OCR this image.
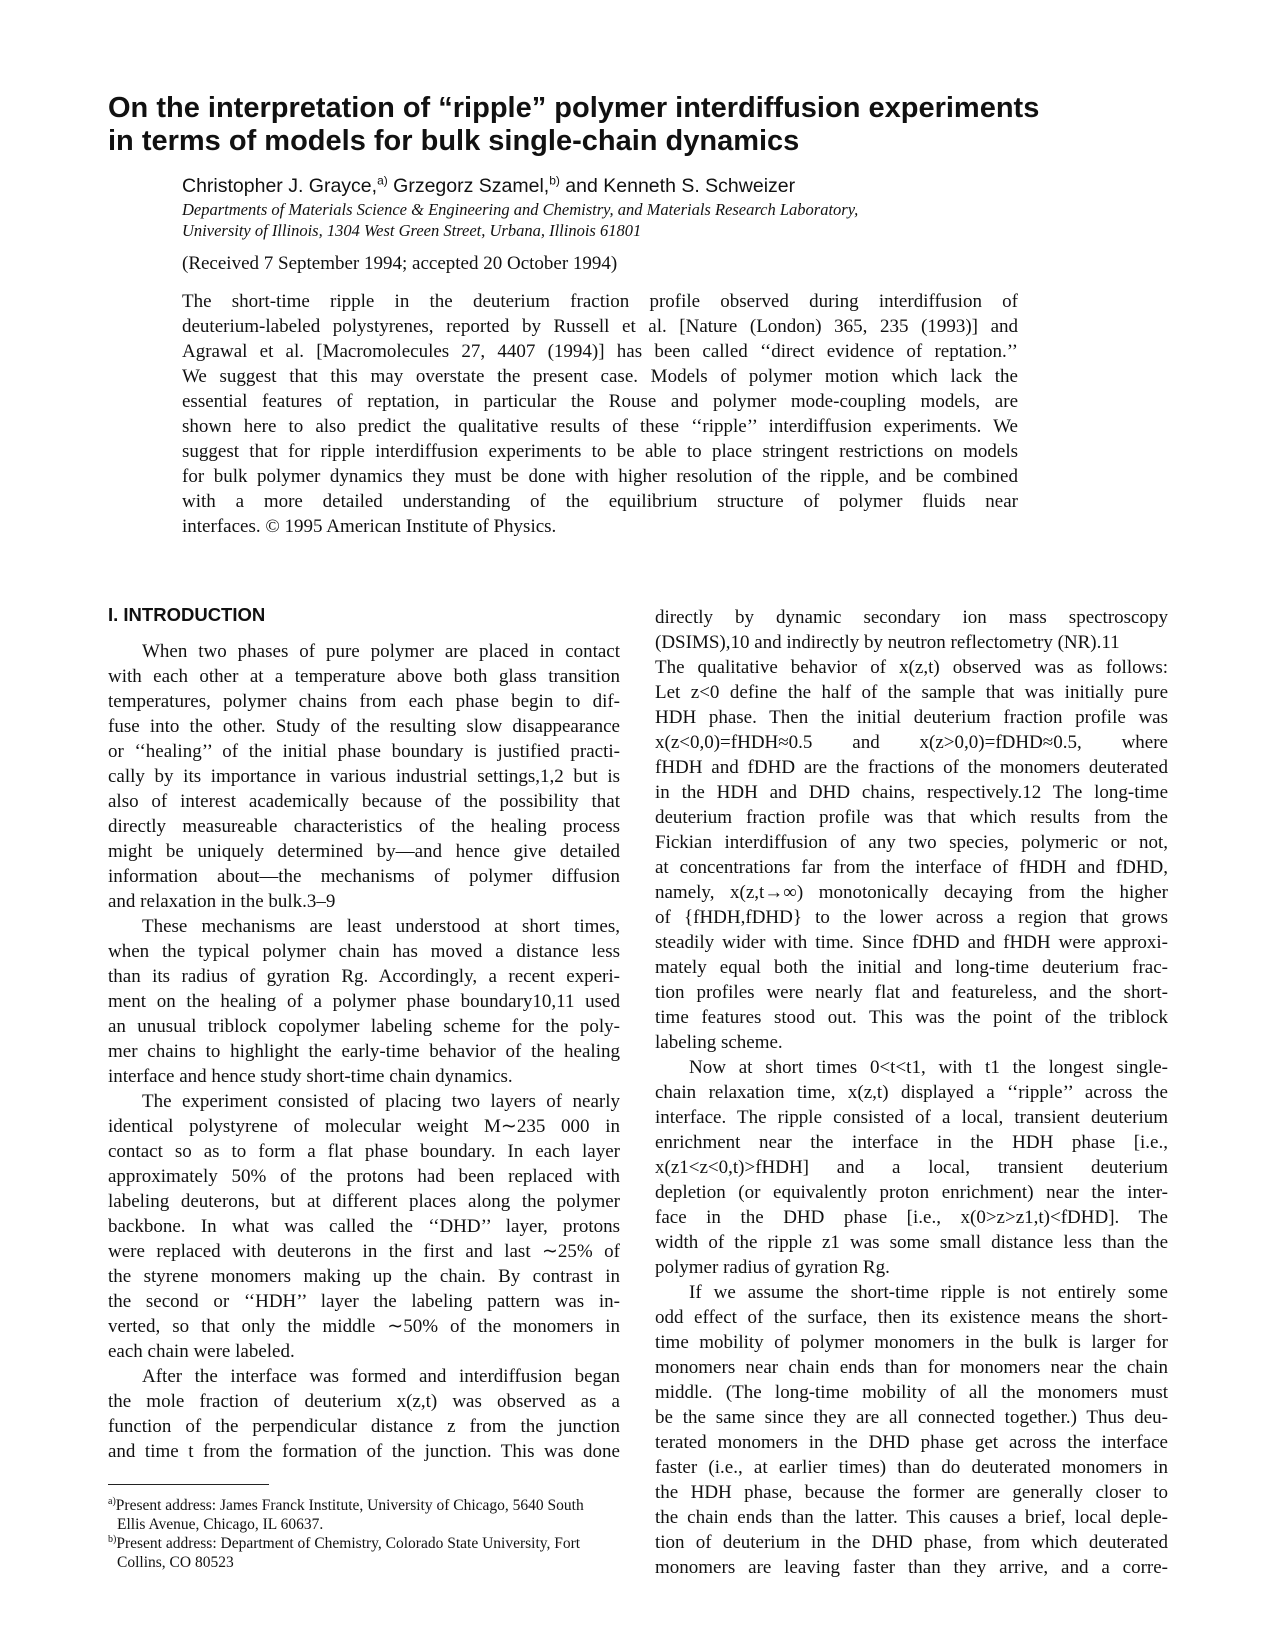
On the interpretation of “ripple” polymer interdiffusion experiments
in terms of models for bulk single-chain dynamics
Christopher J. Grayce,$^{a)}$ Grzegorz Szamel,$^{b)}$ and Kenneth S. Schweizer
Departments of Materials Science & Engineering and Chemistry, and Materials Research Laboratory,
University of Illinois, 1304 West Green Street, Urbana, Illinois 61801
(Received 7 September 1994; accepted 20 October 1994)
The short-time ripple in the deuterium fraction profile observed during interdiffusion of
deuterium-labeled polystyrenes, reported by Russell et al. [Nature (London) 365, 235 (1993)] and
Agrawal et al. [Macromolecules 27, 4407 (1994)] has been called ‘‘direct evidence of reptation.’’
We suggest that this may overstate the present case. Models of polymer motion which lack the
essential features of reptation, in particular the Rouse and polymer mode-coupling models, are
shown here to also predict the qualitative results of these ‘‘ripple’’ interdiffusion experiments. We
suggest that for ripple interdiffusion experiments to be able to place stringent restrictions on models
for bulk polymer dynamics they must be done with higher resolution of the ripple, and be combined
with a more detailed understanding of the equilibrium structure of polymer fluids near
interfaces. © 1995 American Institute of Physics.
I. INTRODUCTION
When two phases of pure polymer are placed in contact
with each other at a temperature above both glass transition
temperatures, polymer chains from each phase begin to dif-
fuse into the other. Study of the resulting slow disappearance
or ‘‘healing’’ of the initial phase boundary is justified practi-
cally by its importance in various industrial settings,1,2 but is
also of interest academically because of the possibility that
directly measureable characteristics of the healing process
might be uniquely determined by—and hence give detailed
information about—the mechanisms of polymer diffusion
and relaxation in the bulk.3–9
These mechanisms are least understood at short times,
when the typical polymer chain has moved a distance less
than its radius of gyration Rg. Accordingly, a recent experi-
ment on the healing of a polymer phase boundary10,11 used
an unusual triblock copolymer labeling scheme for the poly-
mer chains to highlight the early-time behavior of the healing
interface and hence study short-time chain dynamics.
The experiment consisted of placing two layers of nearly
identical polystyrene of molecular weight M∼235 000 in
contact so as to form a flat phase boundary. In each layer
approximately 50% of the protons had been replaced with
labeling deuterons, but at different places along the polymer
backbone. In what was called the ‘‘DHD’’ layer, protons
were replaced with deuterons in the first and last ∼25% of
the styrene monomers making up the chain. By contrast in
the second or ‘‘HDH’’ layer the labeling pattern was in-
verted, so that only the middle ∼50% of the monomers in
each chain were labeled.
After the interface was formed and interdiffusion began
the mole fraction of deuterium x(z,t) was observed as a
function of the perpendicular distance z from the junction
and time t from the formation of the junction. This was done
directly by dynamic secondary ion mass spectroscopy
(DSIMS),10 and indirectly by neutron reflectometry (NR).11
The qualitative behavior of x(z,t) observed was as follows:
Let z<0 define the half of the sample that was initially pure
HDH phase. Then the initial deuterium fraction profile was
x(z<0,0)=fHDH≈0.5 and x(z>0,0)=fDHD≈0.5, where
fHDH and fDHD are the fractions of the monomers deuterated
in the HDH and DHD chains, respectively.12 The long-time
deuterium fraction profile was that which results from the
Fickian interdiffusion of any two species, polymeric or not,
at concentrations far from the interface of fHDH and fDHD,
namely, x(z,t→∞) monotonically decaying from the higher
of {fHDH,fDHD} to the lower across a region that grows
steadily wider with time. Since fDHD and fHDH were approxi-
mately equal both the initial and long-time deuterium frac-
tion profiles were nearly flat and featureless, and the short-
time features stood out. This was the point of the triblock
labeling scheme.
Now at short times 0<t<t1, with t1 the longest single-
chain relaxation time, x(z,t) displayed a ‘‘ripple’’ across the
interface. The ripple consisted of a local, transient deuterium
enrichment near the interface in the HDH phase [i.e.,
x(z1<z<0,t)>fHDH] and a local, transient deuterium
depletion (or equivalently proton enrichment) near the inter-
face in the DHD phase [i.e., x(0>z>z1,t)<fDHD]. The
width of the ripple z1 was some small distance less than the
polymer radius of gyration Rg.
If we assume the short-time ripple is not entirely some
odd effect of the surface, then its existence means the short-
time mobility of polymer monomers in the bulk is larger for
monomers near chain ends than for monomers near the chain
middle. (The long-time mobility of all the monomers must
be the same since they are all connected together.) Thus deu-
terated monomers in the DHD phase get across the interface
faster (i.e., at earlier times) than do deuterated monomers in
the HDH phase, because the former are generally closer to
the chain ends than the latter. This causes a brief, local deple-
tion of deuterium in the DHD phase, from which deuterated
monomers are leaving faster than they arrive, and a corre-
$^{a)}$Present address: James Franck Institute, University of Chicago, 5640 South
Ellis Avenue, Chicago, IL 60637.
$^{b)}$Present address: Department of Chemistry, Colorado State University, Fort
Collins, CO 80523
